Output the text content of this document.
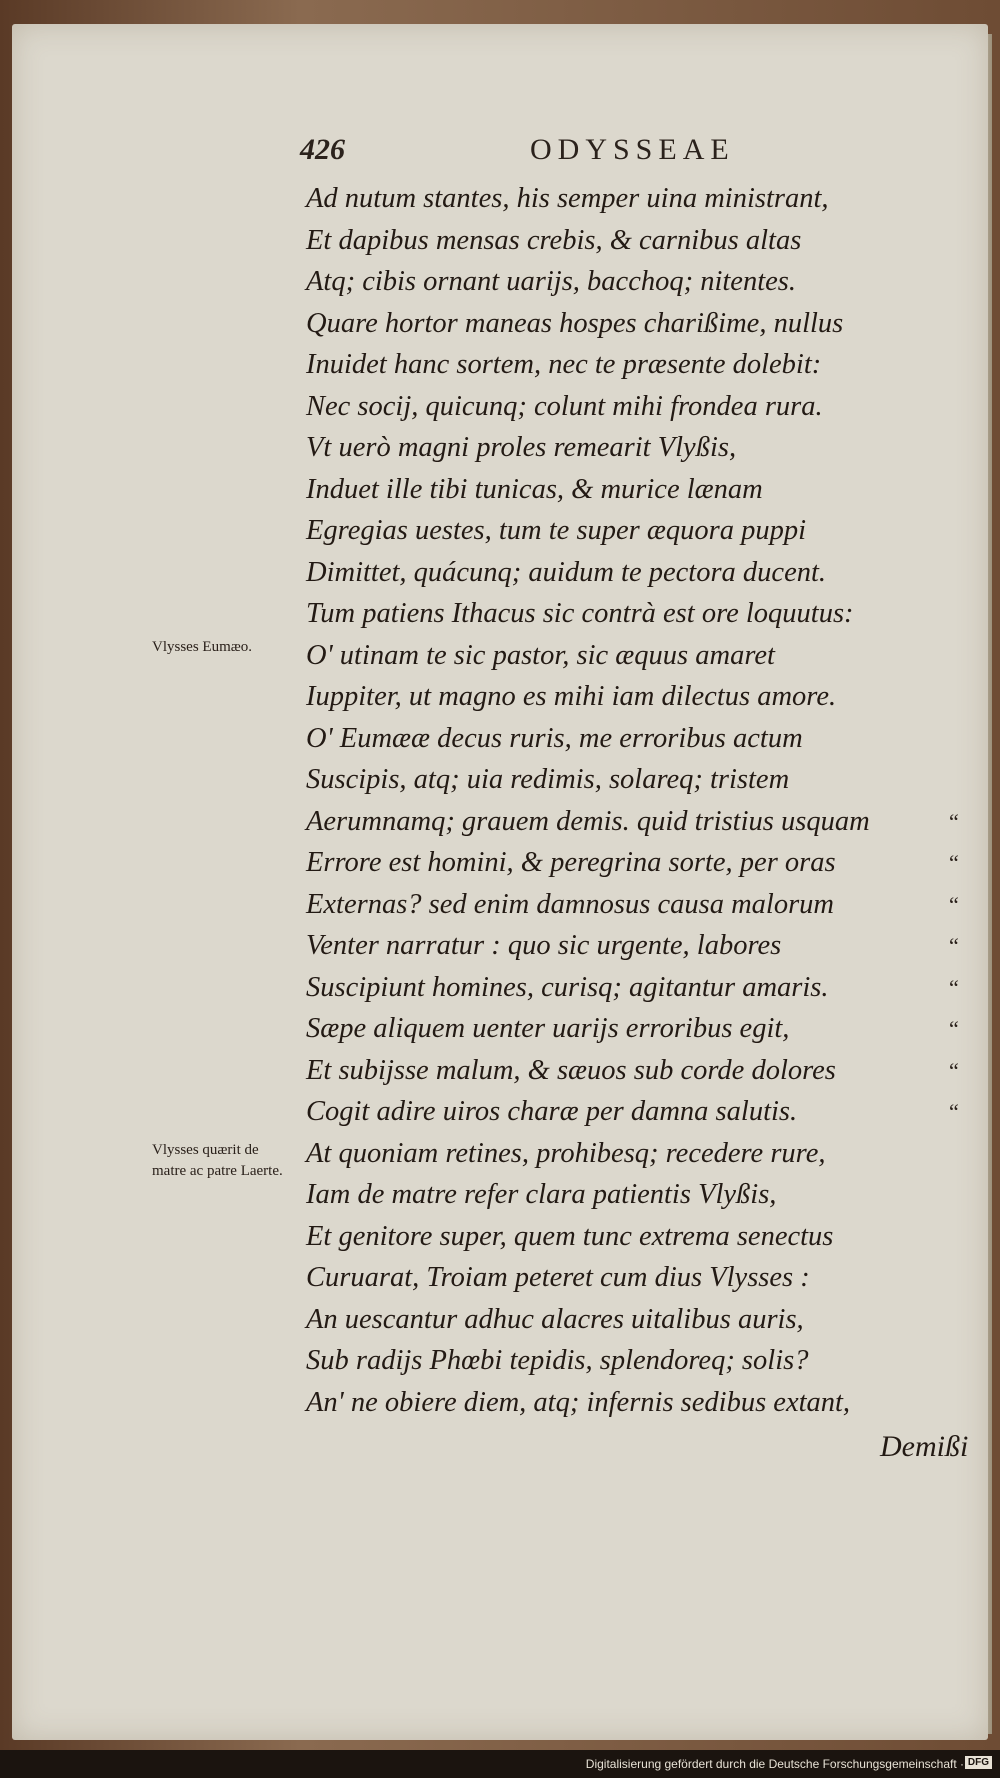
426	ODYSSEAE
Vlysses Eumæo.
Vlysses quærit de matre ac patre Laerte.
Ad nutum stantes, his semper uina ministrant,
Et dapibus mensas crebis, & carnibus altas
Atq; cibis ornant uarijs, bacchoq; nitentes.
Quare hortor maneas hospes charißime, nullus
Inuidet hanc sortem, nec te præsente dolebit:
Nec socij, quicunq; colunt mihi frondea rura.
Vt uerò magni proles remearit Vlyßis,
Induet ille tibi tunicas, & murice lænam
Egregias uestes, tum te super æquora puppi
Dimittet, quácunq; auidum te pectora ducent.
Tum patiens Ithacus sic contrà est ore loquutus:
O' utinam te sic pastor, sic æquus amaret
Iuppiter, ut magno es mihi iam dilectus amore.
O' Eumææ decus ruris, me erroribus actum
Suscipis, atq; uia redimis, solareq; tristem
Aerumnamq; grauem demis. quid tristius usquam	“
Errore est homini, & peregrina sorte, per oras	“
Externas? sed enim damnosus causa malorum	“
Venter narratur : quo sic urgente, labores	“
Suscipiunt homines, curisq; agitantur amaris.	“
Sæpe aliquem uenter uarijs erroribus egit,	“
Et subijsse malum, & sæuos sub corde dolores	“
Cogit adire uiros charæ per damna salutis.	“
At quoniam retines, prohibesq; recedere rure,
Iam de matre refer clara patientis Vlyßis,
Et genitore super, quem tunc extrema senectus
Curuarat, Troiam peteret cum dius Vlysses :
An uescantur adhuc alacres uitalibus auris,
Sub radijs Phœbi tepidis, splendoreq; solis?
An' ne obiere diem, atq; infernis sedibus extant,
Demißi
Digitalisierung gefördert durch die Deutsche Forschungsgemeinschaft · DFG
